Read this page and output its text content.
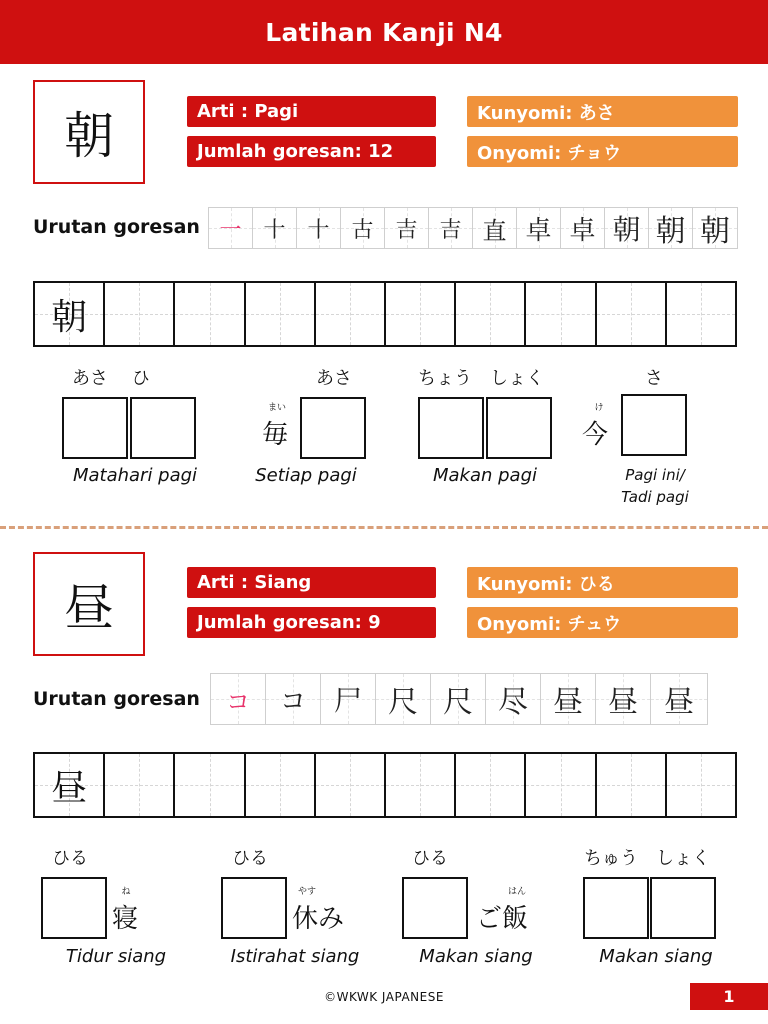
Latihan Kanji N4
朝	Arti : Pagi
Jumlah goresan: 12
Kunyomi: あさ
Onyomi: チョウ
Urutan goresan 一 十 十 古 吉 吉 直 卓 卓 朝 朝 朝
朝
あさ　 ひ
Matahari pagi
あさ
まい
毎
Setiap pagi
ちょう　しょく
Makan pagi
さ
け
今
Pagi ini/
Tadi pagi
昼	Arti : Siang
Jumlah goresan: 9
Kunyomi: ひる
Onyomi: チュウ
Urutan goresan コ コ 尸 尺 尺 尽 昼 昼 昼
昼
ひる
ね
寝
Tidur siang
ひる
やす
休み
Istirahat siang
ひる
はん
ご飯
Makan siang
ちゅう　しょく
Makan siang
©WKWK JAPANESE	1
